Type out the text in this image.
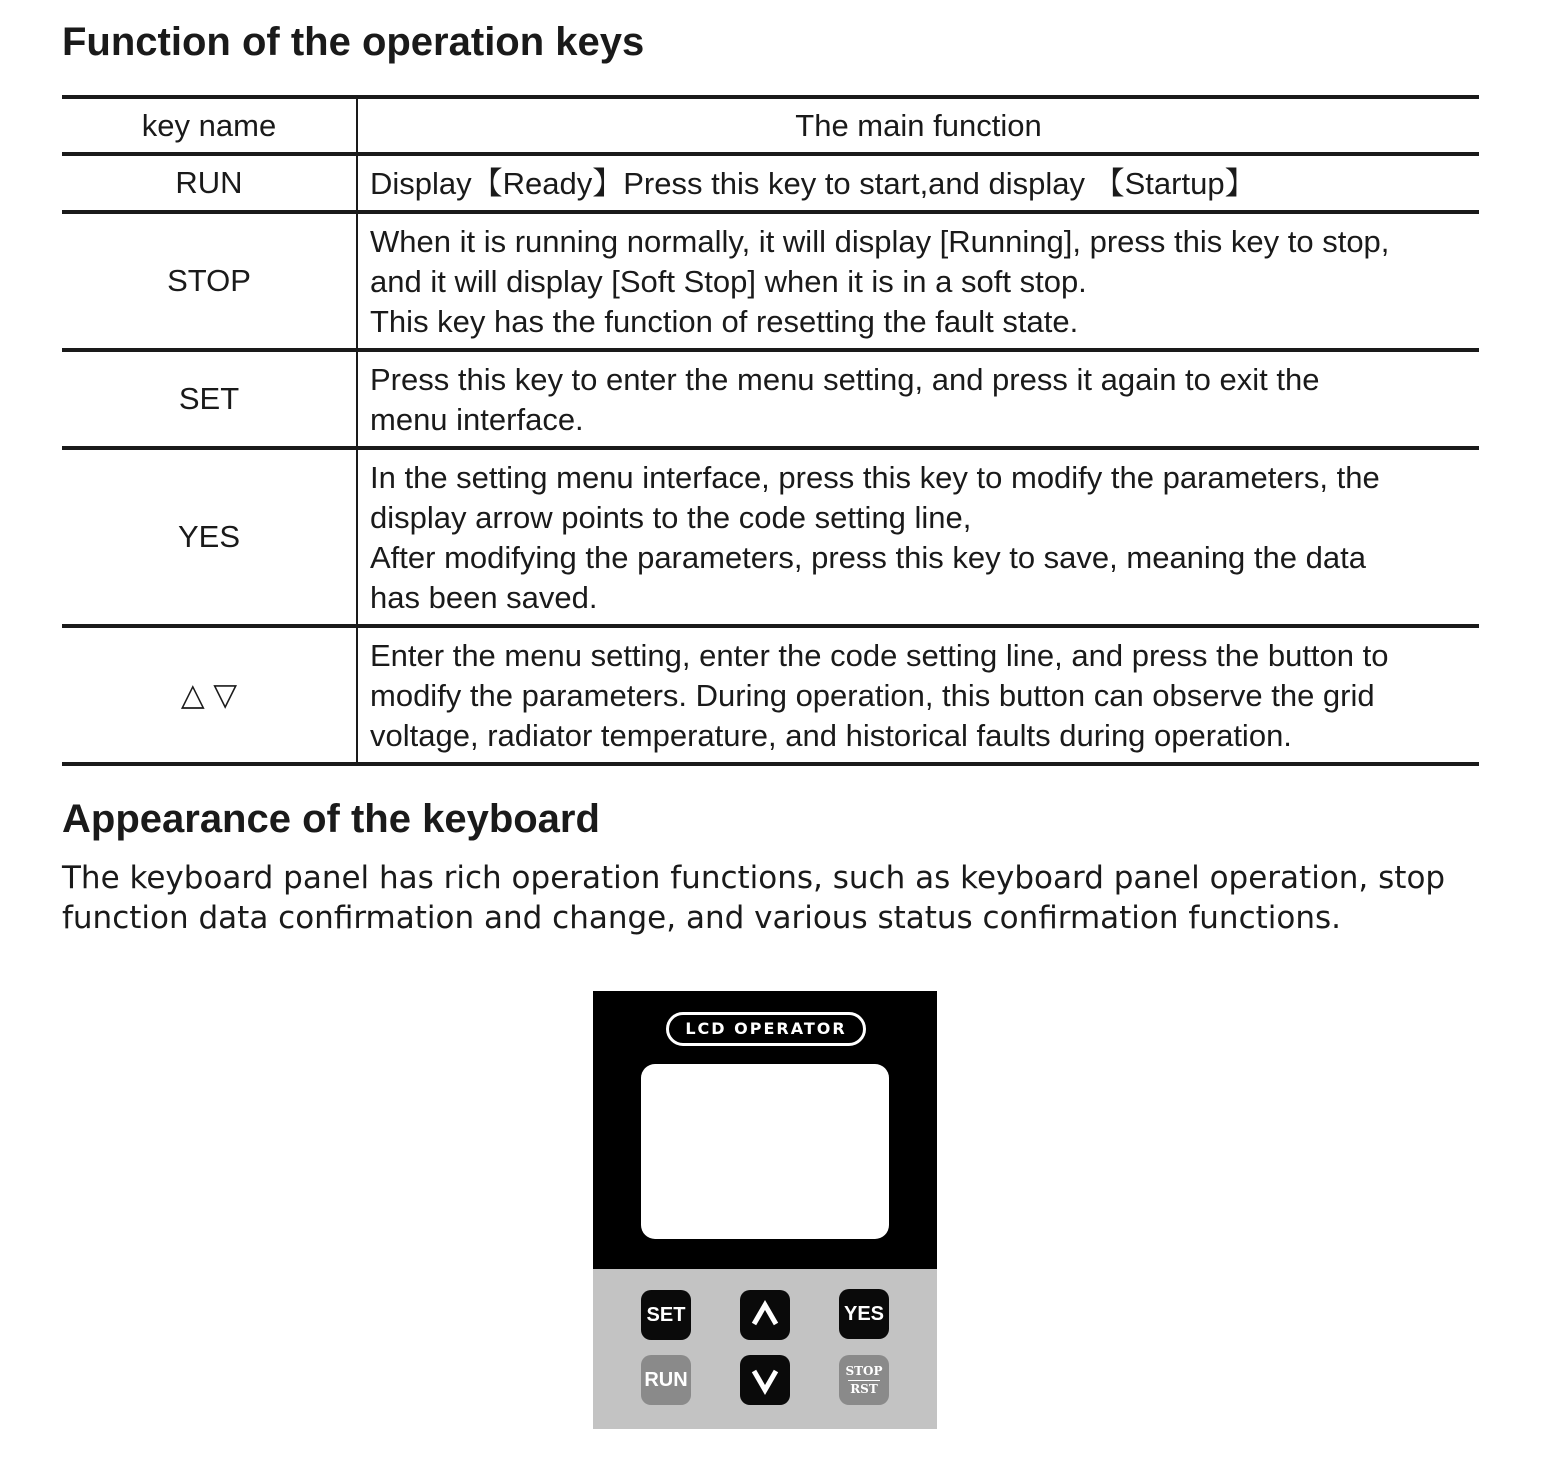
Function of the operation keys
key name	The main function
RUN	Display【Ready】Press this key to start,and display 【Startup】

STOP	When it is running normally, it will display [Running], press this key to stop,
and it will display [Soft Stop] when it is in a soft stop.
This key has the function of resetting the fault state.

SET	Press this key to enter the menu setting, and press it again to exit the
menu interface.

YES	In the setting menu interface, press this key to modify the parameters, the
display arrow points to the code setting line,
After modifying the parameters, press this key to save, meaning the data
has been saved.

△ ▽	Enter the menu setting, enter the code setting line, and press the button to
modify the parameters. During operation, this button can observe the grid
voltage, radiator temperature, and historical faults during operation.
Appearance of the keyboard

The keyboard panel has rich operation functions, such as keyboard panel operation, stop function data confirmation and change, and various status confirmation functions.

LCD OPERATOR
SET	YES
RUN	STOP
RST
